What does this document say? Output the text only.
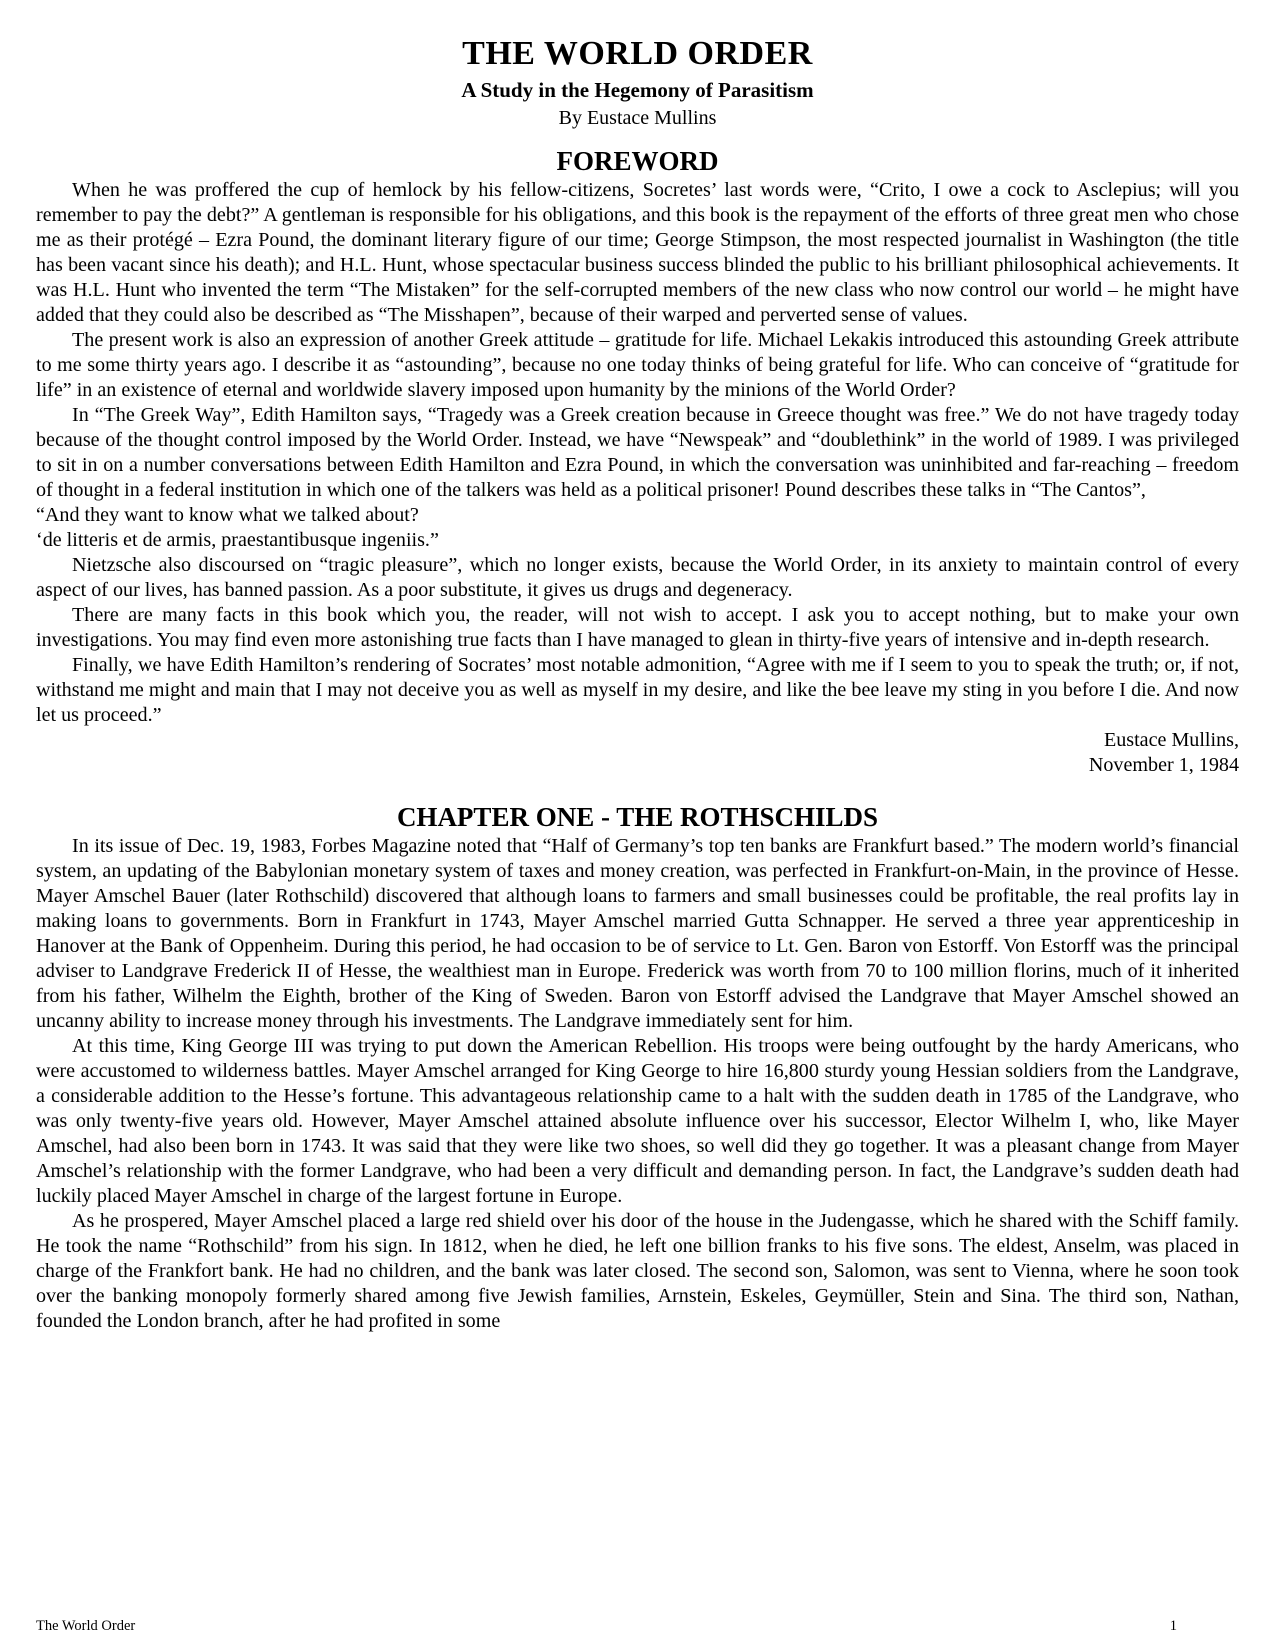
THE WORLD ORDER
A Study in the Hegemony of Parasitism
By Eustace Mullins
FOREWORD

When he was proffered the cup of hemlock by his fellow-citizens, Socretes’ last words were, “Crito, I owe a cock to Asclepius; will you remember to pay the debt?” A gentleman is responsible for his obligations, and this book is the repayment of the efforts of three great men who chose me as their protégé – Ezra Pound, the dominant literary figure of our time; George Stimpson, the most respected journalist in Washington (the title has been vacant since his death); and H.L. Hunt, whose spectacular business success blinded the public to his brilliant philosophical achievements. It was H.L. Hunt who invented the term “The Mistaken” for the self-corrupted members of the new class who now control our world – he might have added that they could also be described as “The Misshapen”, because of their warped and perverted sense of values.

The present work is also an expression of another Greek attitude – gratitude for life. Michael Lekakis introduced this astounding Greek attribute to me some thirty years ago. I describe it as “astounding”, because no one today thinks of being grateful for life. Who can conceive of “gratitude for life” in an existence of eternal and worldwide slavery imposed upon humanity by the minions of the World Order?

In “The Greek Way”, Edith Hamilton says, “Tragedy was a Greek creation because in Greece thought was free.” We do not have tragedy today because of the thought control imposed by the World Order. Instead, we have “Newspeak” and “doublethink” in the world of 1989. I was privileged to sit in on a number conversations between Edith Hamilton and Ezra Pound, in which the conversation was uninhibited and far-reaching – freedom of thought in a federal institution in which one of the talkers was held as a political prisoner! Pound describes these talks in “The Cantos”,

“And they want to know what we talked about?

‘de litteris et de armis, praestantibusque ingeniis.”

Nietzsche also discoursed on “tragic pleasure”, which no longer exists, because the World Order, in its anxiety to maintain control of every aspect of our lives, has banned passion. As a poor substitute, it gives us drugs and degeneracy.

There are many facts in this book which you, the reader, will not wish to accept. I ask you to accept nothing, but to make your own investigations. You may find even more astonishing true facts than I have managed to glean in thirty-five years of intensive and in-depth research.

Finally, we have Edith Hamilton’s rendering of Socrates’ most notable admonition, “Agree with me if I seem to you to speak the truth; or, if not, withstand me might and main that I may not deceive you as well as myself in my desire, and like the bee leave my sting in you before I die. And now let us proceed.”

Eustace Mullins,

November 1, 1984

CHAPTER ONE - THE ROTHSCHILDS

In its issue of Dec. 19, 1983, Forbes Magazine noted that “Half of Germany’s top ten banks are Frankfurt based.” The modern world’s financial system, an updating of the Babylonian monetary system of taxes and money creation, was perfected in Frankfurt-on-Main, in the province of Hesse. Mayer Amschel Bauer (later Rothschild) discovered that although loans to farmers and small businesses could be profitable, the real profits lay in making loans to governments. Born in Frankfurt in 1743, Mayer Amschel married Gutta Schnapper. He served a three year apprenticeship in Hanover at the Bank of Oppenheim. During this period, he had occasion to be of service to Lt. Gen. Baron von Estorff. Von Estorff was the principal adviser to Landgrave Frederick II of Hesse, the wealthiest man in Europe. Frederick was worth from 70 to 100 million florins, much of it inherited from his father, Wilhelm the Eighth, brother of the King of Sweden. Baron von Estorff advised the Landgrave that Mayer Amschel showed an uncanny ability to increase money through his investments. The Landgrave immediately sent for him.

At this time, King George III was trying to put down the American Rebellion. His troops were being outfought by the hardy Americans, who were accustomed to wilderness battles. Mayer Amschel arranged for King George to hire 16,800 sturdy young Hessian soldiers from the Landgrave, a considerable addition to the Hesse’s fortune. This advantageous relationship came to a halt with the sudden death in 1785 of the Landgrave, who was only twenty-five years old. However, Mayer Amschel attained absolute influence over his successor, Elector Wilhelm I, who, like Mayer Amschel, had also been born in 1743. It was said that they were like two shoes, so well did they go together. It was a pleasant change from Mayer Amschel’s relationship with the former Landgrave, who had been a very difficult and demanding person. In fact, the Landgrave’s sudden death had luckily placed Mayer Amschel in charge of the largest fortune in Europe.

As he prospered, Mayer Amschel placed a large red shield over his door of the house in the Judengasse, which he shared with the Schiff family. He took the name “Rothschild” from his sign. In 1812, when he died, he left one billion franks to his five sons. The eldest, Anselm, was placed in charge of the Frankfort bank. He had no children, and the bank was later closed. The second son, Salomon, was sent to Vienna, where he soon took over the banking monopoly formerly shared among five Jewish families, Arnstein, Eskeles, Geymüller, Stein and Sina. The third son, Nathan, founded the London branch, after he had profited in some

The World Order	1
